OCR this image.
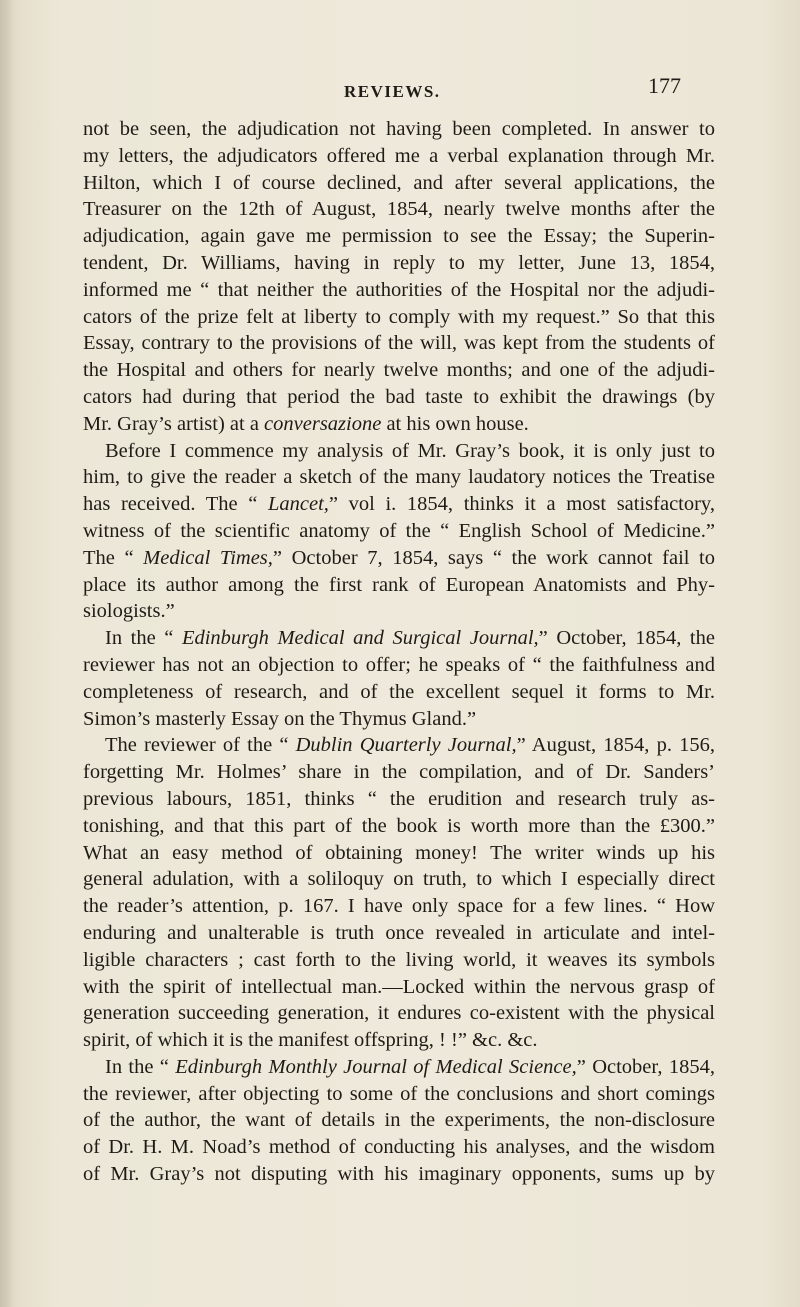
REVIEWS.	177
not be seen, the adjudication not having been completed. In answer to
my letters, the adjudicators offered me a verbal explanation through Mr.
Hilton, which I of course declined, and after several applications, the
Treasurer on the 12th of August, 1854, nearly twelve months after the
adjudication, again gave me permission to see the Essay; the Superin-
tendent, Dr. Williams, having in reply to my letter, June 13, 1854,
informed me “ that neither the authorities of the Hospital nor the adjudi-
cators of the prize felt at liberty to comply with my request.” So that this
Essay, contrary to the provisions of the will, was kept from the students of
the Hospital and others for nearly twelve months; and one of the adjudi-
cators had during that period the bad taste to exhibit the drawings (by
Mr. Gray’s artist) at a conversazione at his own house.
Before I commence my analysis of Mr. Gray’s book, it is only just to
him, to give the reader a sketch of the many laudatory notices the Treatise
has received. The “ Lancet,” vol i. 1854, thinks it a most satisfactory,
witness of the scientific anatomy of the “ English School of Medicine.”
The “ Medical Times,” October 7, 1854, says “ the work cannot fail to
place its author among the first rank of European Anatomists and Phy-
siologists.”
In the “ Edinburgh Medical and Surgical Journal,” October, 1854, the
reviewer has not an objection to offer; he speaks of “ the faithfulness and
completeness of research, and of the excellent sequel it forms to Mr.
Simon’s masterly Essay on the Thymus Gland.”
The reviewer of the “ Dublin Quarterly Journal,” August, 1854, p. 156,
forgetting Mr. Holmes’ share in the compilation, and of Dr. Sanders’
previous labours, 1851, thinks “ the erudition and research truly as-
tonishing, and that this part of the book is worth more than the £300.”
What an easy method of obtaining money! The writer winds up his
general adulation, with a soliloquy on truth, to which I especially direct
the reader’s attention, p. 167. I have only space for a few lines. “ How
enduring and unalterable is truth once revealed in articulate and intel-
ligible characters ; cast forth to the living world, it weaves its symbols
with the spirit of intellectual man.—Locked within the nervous grasp of
generation succeeding generation, it endures co-existent with the physical
spirit, of which it is the manifest offspring, ! !” &c. &c.
In the “ Edinburgh Monthly Journal of Medical Science,” October, 1854,
the reviewer, after objecting to some of the conclusions and short comings
of the author, the want of details in the experiments, the non-disclosure
of Dr. H. M. Noad’s method of conducting his analyses, and the wisdom
of Mr. Gray’s not disputing with his imaginary opponents, sums up by
